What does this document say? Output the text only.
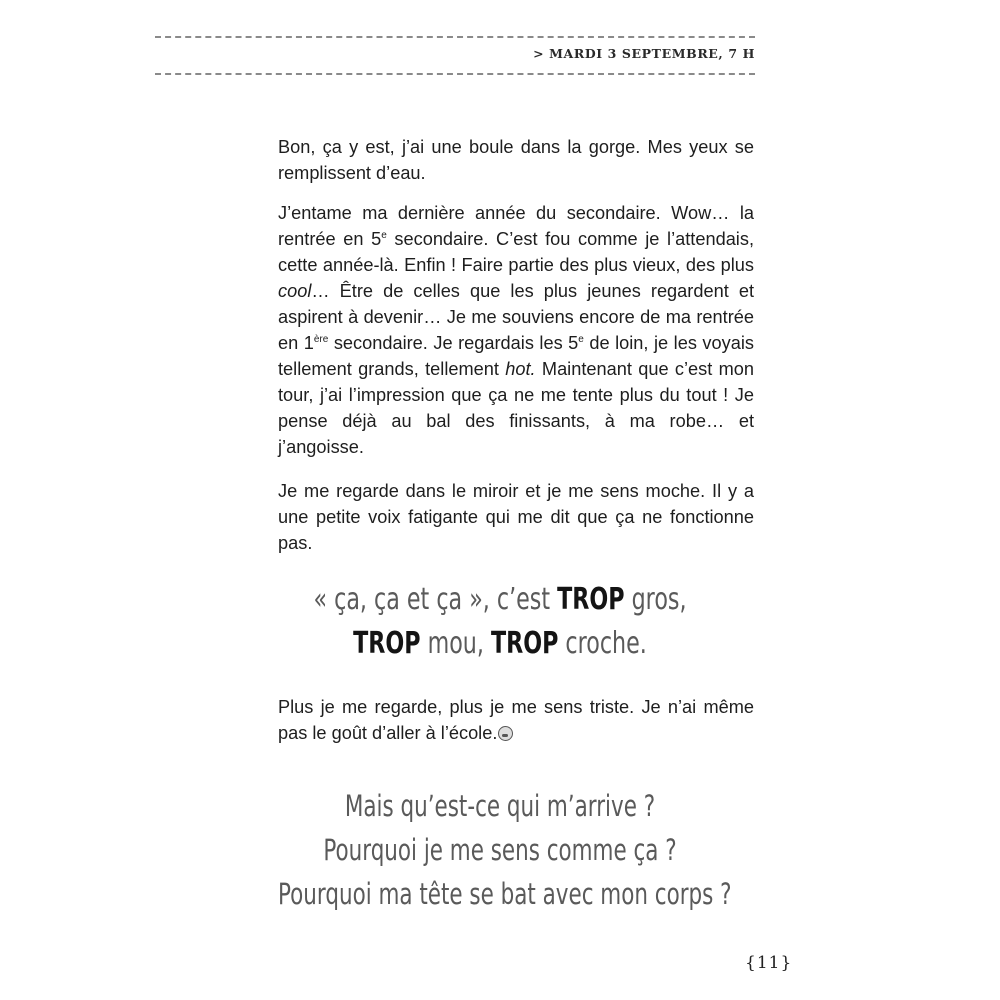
> MARDI 3 SEPTEMBRE, 7 H

Bon, ça y est, j’ai une boule dans la gorge. Mes yeux se remplissent d’eau.

J’entame ma dernière année du secondaire. Wow… la rentrée en 5e secondaire. C’est fou comme je l’attendais, cette année-là. Enfin ! Faire partie des plus vieux, des plus cool… Être de celles que les plus jeunes regardent et aspirent à devenir… Je me souviens encore de ma rentrée en 1ère secondaire. Je regardais les 5e de loin, je les voyais tellement grands, tellement hot. Maintenant que c’est mon tour, j’ai l’impression que ça ne me tente plus du tout ! Je pense déjà au bal des finissants, à ma robe… et j’angoisse.

Je me regarde dans le miroir et je me sens moche. Il y a une petite voix fatigante qui me dit que ça ne fonctionne pas.

« ça, ça et ça », c’est TROP gros,
TROP mou, TROP croche.

Plus je me regarde, plus je me sens triste. Je n’ai même pas le goût d’aller à l’école.

Mais qu’est-ce qui m’arrive ?
Pourquoi je me sens comme ça ?
Pourquoi ma tête se bat avec mon corps ?
{11}
